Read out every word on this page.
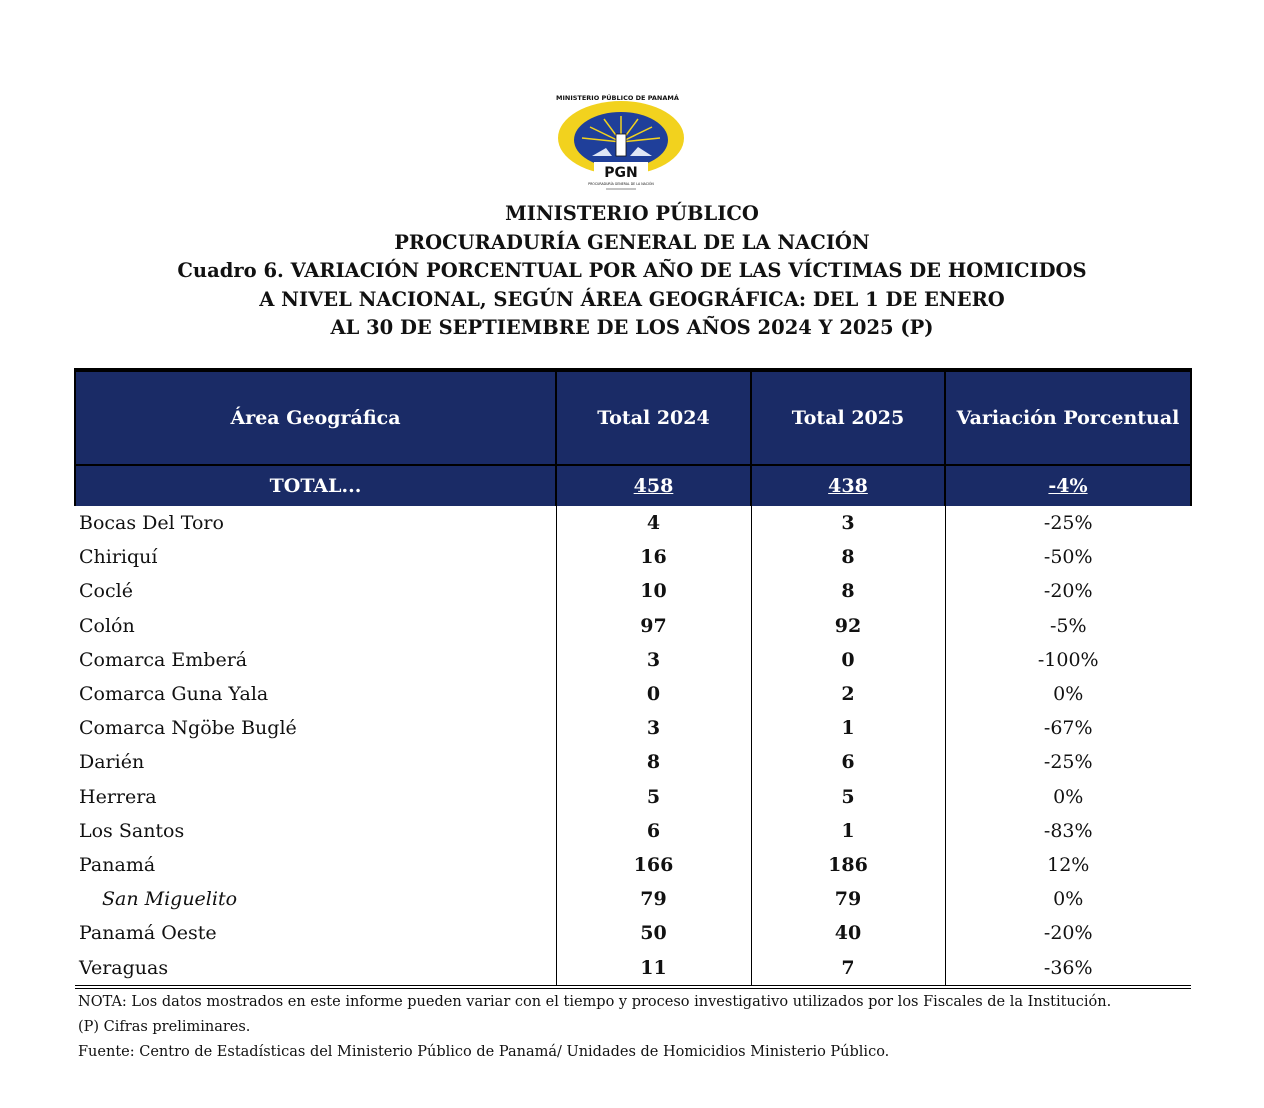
MINISTERIO PÚBLICO DE PANAMÁ
PGN
PROCURADURÍA GENERAL DE LA NACIÓN
MINISTERIO PÚBLICO
PROCURADURÍA GENERAL DE LA NACIÓN
Cuadro 6. VARIACIÓN PORCENTUAL POR AÑO DE LAS VÍCTIMAS DE HOMICIDOS
A NIVEL NACIONAL, SEGÚN ÁREA GEOGRÁFICA: DEL 1 DE ENERO
AL 30 DE SEPTIEMBRE DE LOS AÑOS 2024 Y 2025 (P)
Área Geográfica	Total 2024	Total 2025	Variación Porcentual
TOTAL...	458	438	-4%
Bocas Del Toro	4	3	-25%
Chiriquí	16	8	-50%
Coclé	10	8	-20%
Colón	97	92	-5%
Comarca Emberá	3	0	-100%
Comarca Guna Yala	0	2	0%
Comarca Ngöbe Buglé	3	1	-67%
Darién	8	6	-25%
Herrera	5	5	0%
Los Santos	6	1	-83%
Panamá	166	186	12%
San Miguelito	79	79	0%
Panamá Oeste	50	40	-20%
Veraguas	11	7	-36%
NOTA: Los datos mostrados en este informe pueden variar con el tiempo y proceso investigativo utilizados por los Fiscales de la Institución.
(P) Cifras preliminares.
Fuente: Centro de Estadísticas del Ministerio Público de Panamá/ Unidades de Homicidios Ministerio Público.
